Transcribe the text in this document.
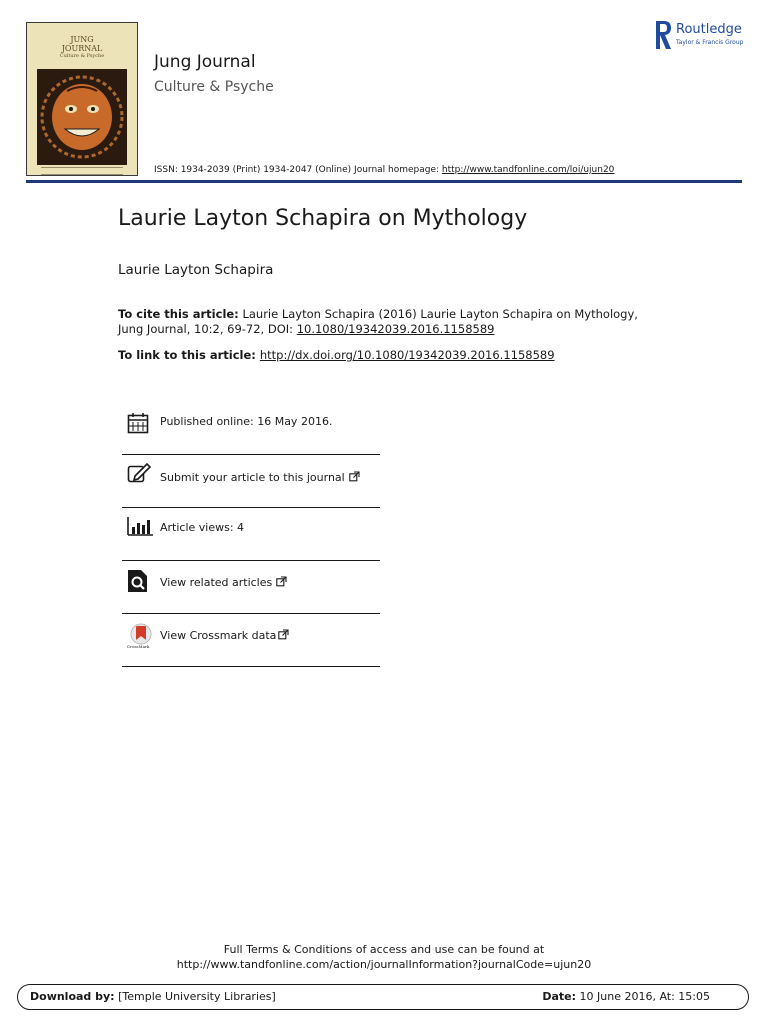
JUNG
JOURNAL
Culture & Psyche	Jung Journal
Culture & Psyche
ISSN: 1934-2039 (Print) 1934-2047 (Online) Journal homepage: http://www.tandfonline.com/loi/ujun20
Routledge
Taylor & Francis Group
Laurie Layton Schapira on Mythology
Laurie Layton Schapira
To cite this article: Laurie Layton Schapira (2016) Laurie Layton Schapira on Mythology, Jung Journal, 10:2, 69-72, DOI: 10.1080/19342039.2016.1158589
To link to this article: http://dx.doi.org/10.1080/19342039.2016.1158589
Published online: 16 May 2016.
Submit your article to this journal
Article views: 4
View related articles
View Crossmark data
CrossMark
Full Terms & Conditions of access and use can be found at
http://www.tandfonline.com/action/journalInformation?journalCode=ujun20
Download by: [Temple University Libraries]	Date: 10 June 2016, At: 15:05
